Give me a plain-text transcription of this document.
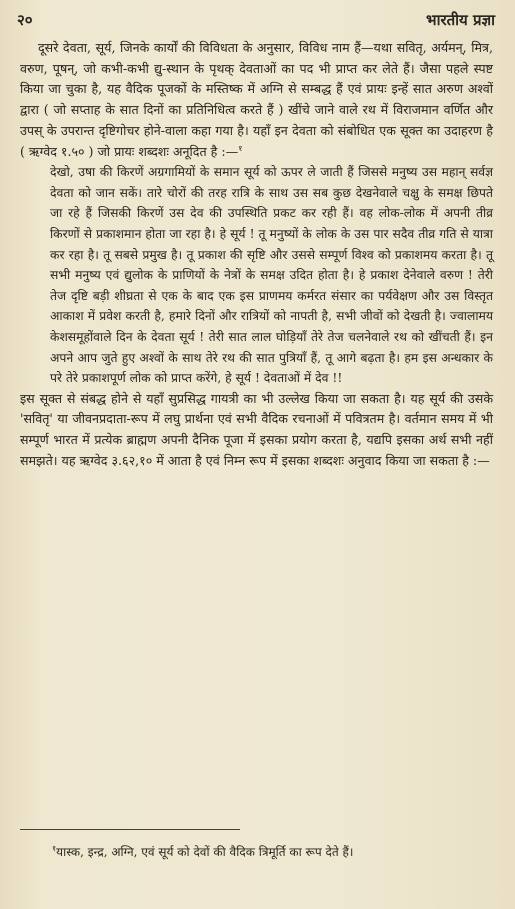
२०	भारतीय प्रज्ञा

दूसरे देवता, सूर्य, जिनके कार्यों की विविधता के अनुसार, विविध नाम हैं—यथा सवितृ, अर्यमन्, मित्र, वरुण, पूषन्, जो कभी-कभी द्यु-स्थान के पृथक् देवताओं का पद भी प्राप्त कर लेते हैं। जैसा पहले स्पष्ट किया जा चुका है, यह वैदिक पूजकों के मस्तिष्क में अग्नि से सम्बद्ध हैं एवं प्रायः इन्हें सात अरुण अश्वों द्वारा ( जो सप्ताह के सात दिनों का प्रतिनिधित्व करते हैं ) खींचे जाने वाले रथ में विराजमान वर्णित और उपस् के उपरान्त दृष्टिगोचर होने-वाला कहा गया है। यहाँ इन देवता को संबोधित एक सूक्त का उदाहरण है ( ऋग्वेद १.५० ) जो प्रायः शब्दशः अनूदित है :—$^१$

देखो, उषा की किरणें अग्रगामियों के समान सूर्य को ऊपर ले जाती हैं जिससे मनुष्य उस महान् सर्वज्ञ देवता को जान सकें। तारे चोरों की तरह रात्रि के साथ उस सब कुछ देखनेवाले चक्षु के समक्ष छिपते जा रहे हैं जिसकी किरणें उस देव की उपस्थिति प्रकट कर रही हैं। वह लोक-लोक में अपनी तीव्र किरणों से प्रकाशमान होता जा रहा है। हे सूर्य ! तू मनुष्यों के लोक के उस पार सदैव तीव्र गति से यात्रा कर रहा है। तू सबसे प्रमुख है। तू प्रकाश की सृष्टि और उससे सम्पूर्ण विश्व को प्रकाशमय करता है। तू सभी मनुष्य एवं द्युलोक के प्राणियों के नेत्रों के समक्ष उदित होता है। हे प्रकाश देनेवाले वरुण ! तेरी तेज दृष्टि बड़ी शीघ्रता से एक के बाद एक इस प्राणमय कर्मरत संसार का पर्यवेक्षण और उस विस्तृत आकाश में प्रवेश करती है, हमारे दिनों और रात्रियों को नापती है, सभी जीवों को देखती है। ज्वालामय केशसमूहोंवाले दिन के देवता सूर्य ! तेरी सात लाल घोड़ियाँ तेरे तेज चलनेवाले रथ को खींचती हैं। इन अपने आप जुते हुए अश्वों के साथ तेरे रथ की सात पुत्रियाँ हैं, तू आगे बढ़ता है। हम इस अन्धकार के परे तेरे प्रकाशपूर्ण लोक को प्राप्त करेंगे, हे सूर्य ! देवताओं में देव !!

इस सूक्त से संबद्ध होने से यहाँ सुप्रसिद्ध गायत्री का भी उल्लेख किया जा सकता है। यह सूर्य की उसके 'सवितृ' या जीवनप्रदाता-रूप में लघु प्रार्थना एवं सभी वैदिक रचनाओं में पवित्रतम है। वर्तमान समय में भी सम्पूर्ण भारत में प्रत्येक ब्राह्मण अपनी दैनिक पूजा में इसका प्रयोग करता है, यद्यपि इसका अर्थ सभी नहीं समझते। यह ऋग्वेद ३.६२,१० में आता है एवं निम्न रूप में इसका शब्दशः अनुवाद किया जा सकता है :—

$^१$यास्क, इन्द्र, अग्नि, एवं सूर्य को देवों की वैदिक त्रिमूर्ति का रूप देते हैं।
